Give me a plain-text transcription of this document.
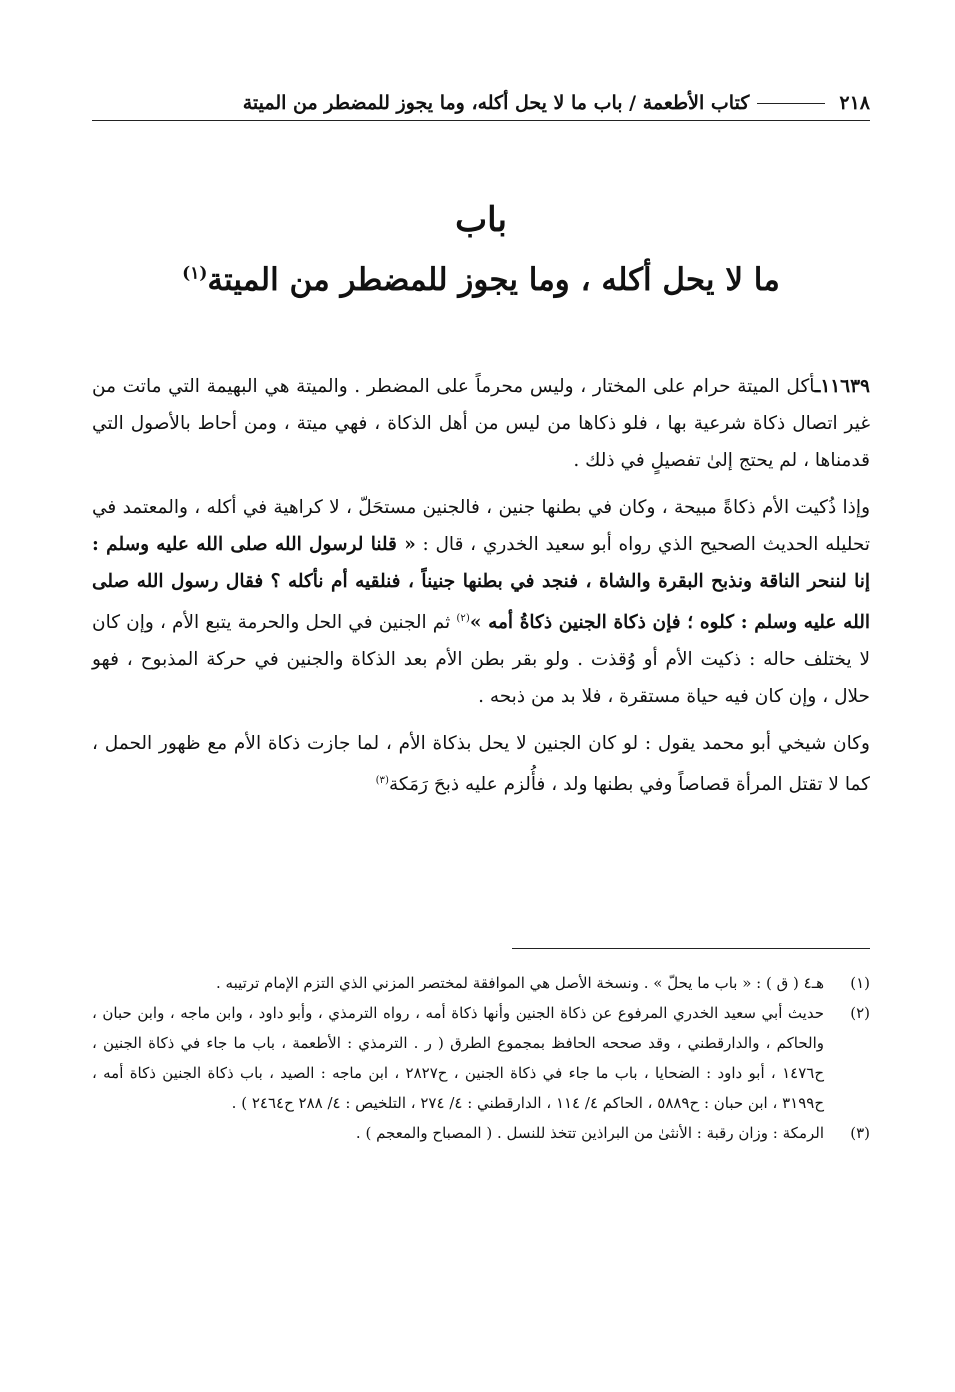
٢١٨
كتاب الأطعمة / باب ما لا يحل أكله، وما يجوز للمضطر من الميتة
باب
ما لا يحل أكله ، وما يجوز للمضطر من الميتة$^{(١)}$

١١٦٣٩ـأكل الميتة حرام على المختار ، وليس محرماً على المضطر . والميتة هي البهيمة التي ماتت من غير اتصال ذكاة شرعية بها ، فلو ذكاها من ليس من أهل الذكاة ، فهي ميتة ، ومن أحاط بالأصول التي قدمناها ، لم يحتج إلىٰ تفصيلٍ في ذلك .

وإذا ذُكيت الأم ذكاةً مبيحة ، وكان في بطنها جنين ، فالجنين مستحَلّ ، لا كراهية في أكله ، والمعتمد في تحليله الحديث الصحيح الذي رواه أبو سعيد الخدري ، قال : « قلنا لرسول الله صلى الله عليه وسلم : إنا لننحر الناقة ونذبح البقرة والشاة ، فنجد في بطنها جنيناً ، فنلقيه أم نأكله ؟ فقال رسول الله صلى الله عليه وسلم : كلوه ؛ فإن ذكاة الجنين ذكاةُ أمه »$^{(٢)}$ ثم الجنين في الحل والحرمة يتبع الأم ، وإن كان لا يختلف حاله : ذكيت الأم أو وُقذت . ولو بقر بطن الأم بعد الذكاة والجنين في حركة المذبوح ، فهو حلال ، وإن كان فيه حياة مستقرة ، فلا بد من ذبحه .

وكان شيخي أبو محمد يقول : لو كان الجنين لا يحل بذكاة الأم ، لما جازت ذكاة الأم مع ظهور الحمل ، كما لا تقتل المرأة قصاصاً وفي بطنها ولد ، فأُلزم عليه ذبحَ رَمَكة$^{(٣)}$

(١)
هـ٤ ( ق ) : « باب ما يحلّ » . ونسخة الأصل هي الموافقة لمختصر المزني الذي التزم الإمام ترتيبه .
(٢)
حديث أبي سعيد الخدري المرفوع عن ذكاة الجنين وأنها ذكاة أمه ، رواه الترمذي ، وأبو داود ، وابن ماجه ، وابن حبان ، والحاكم ، والدارقطني ، وقد صححه الحافظ بمجموع الطرق ( ر . الترمذي : الأطعمة ، باب ما جاء في ذكاة الجنين ، ح١٤٧٦ ، أبو داود : الضحايا ، باب ما جاء في ذكاة الجنين ، ح٢٨٢٧ ، ابن ماجه : الصيد ، باب ذكاة الجنين ذكاة أمه ، ح٣١٩٩ ، ابن حبان : ح٥٨٨٩ ، الحاكم ٤/ ١١٤ ، الدارقطني : ٤/ ٢٧٤ ، التلخيص : ٤/ ٢٨٨ ح٢٤٦٤ ) .
(٣)
الرمكة : وزان رقبة : الأنثىٰ من البراذين تتخذ للنسل . ( المصباح والمعجم ) .
